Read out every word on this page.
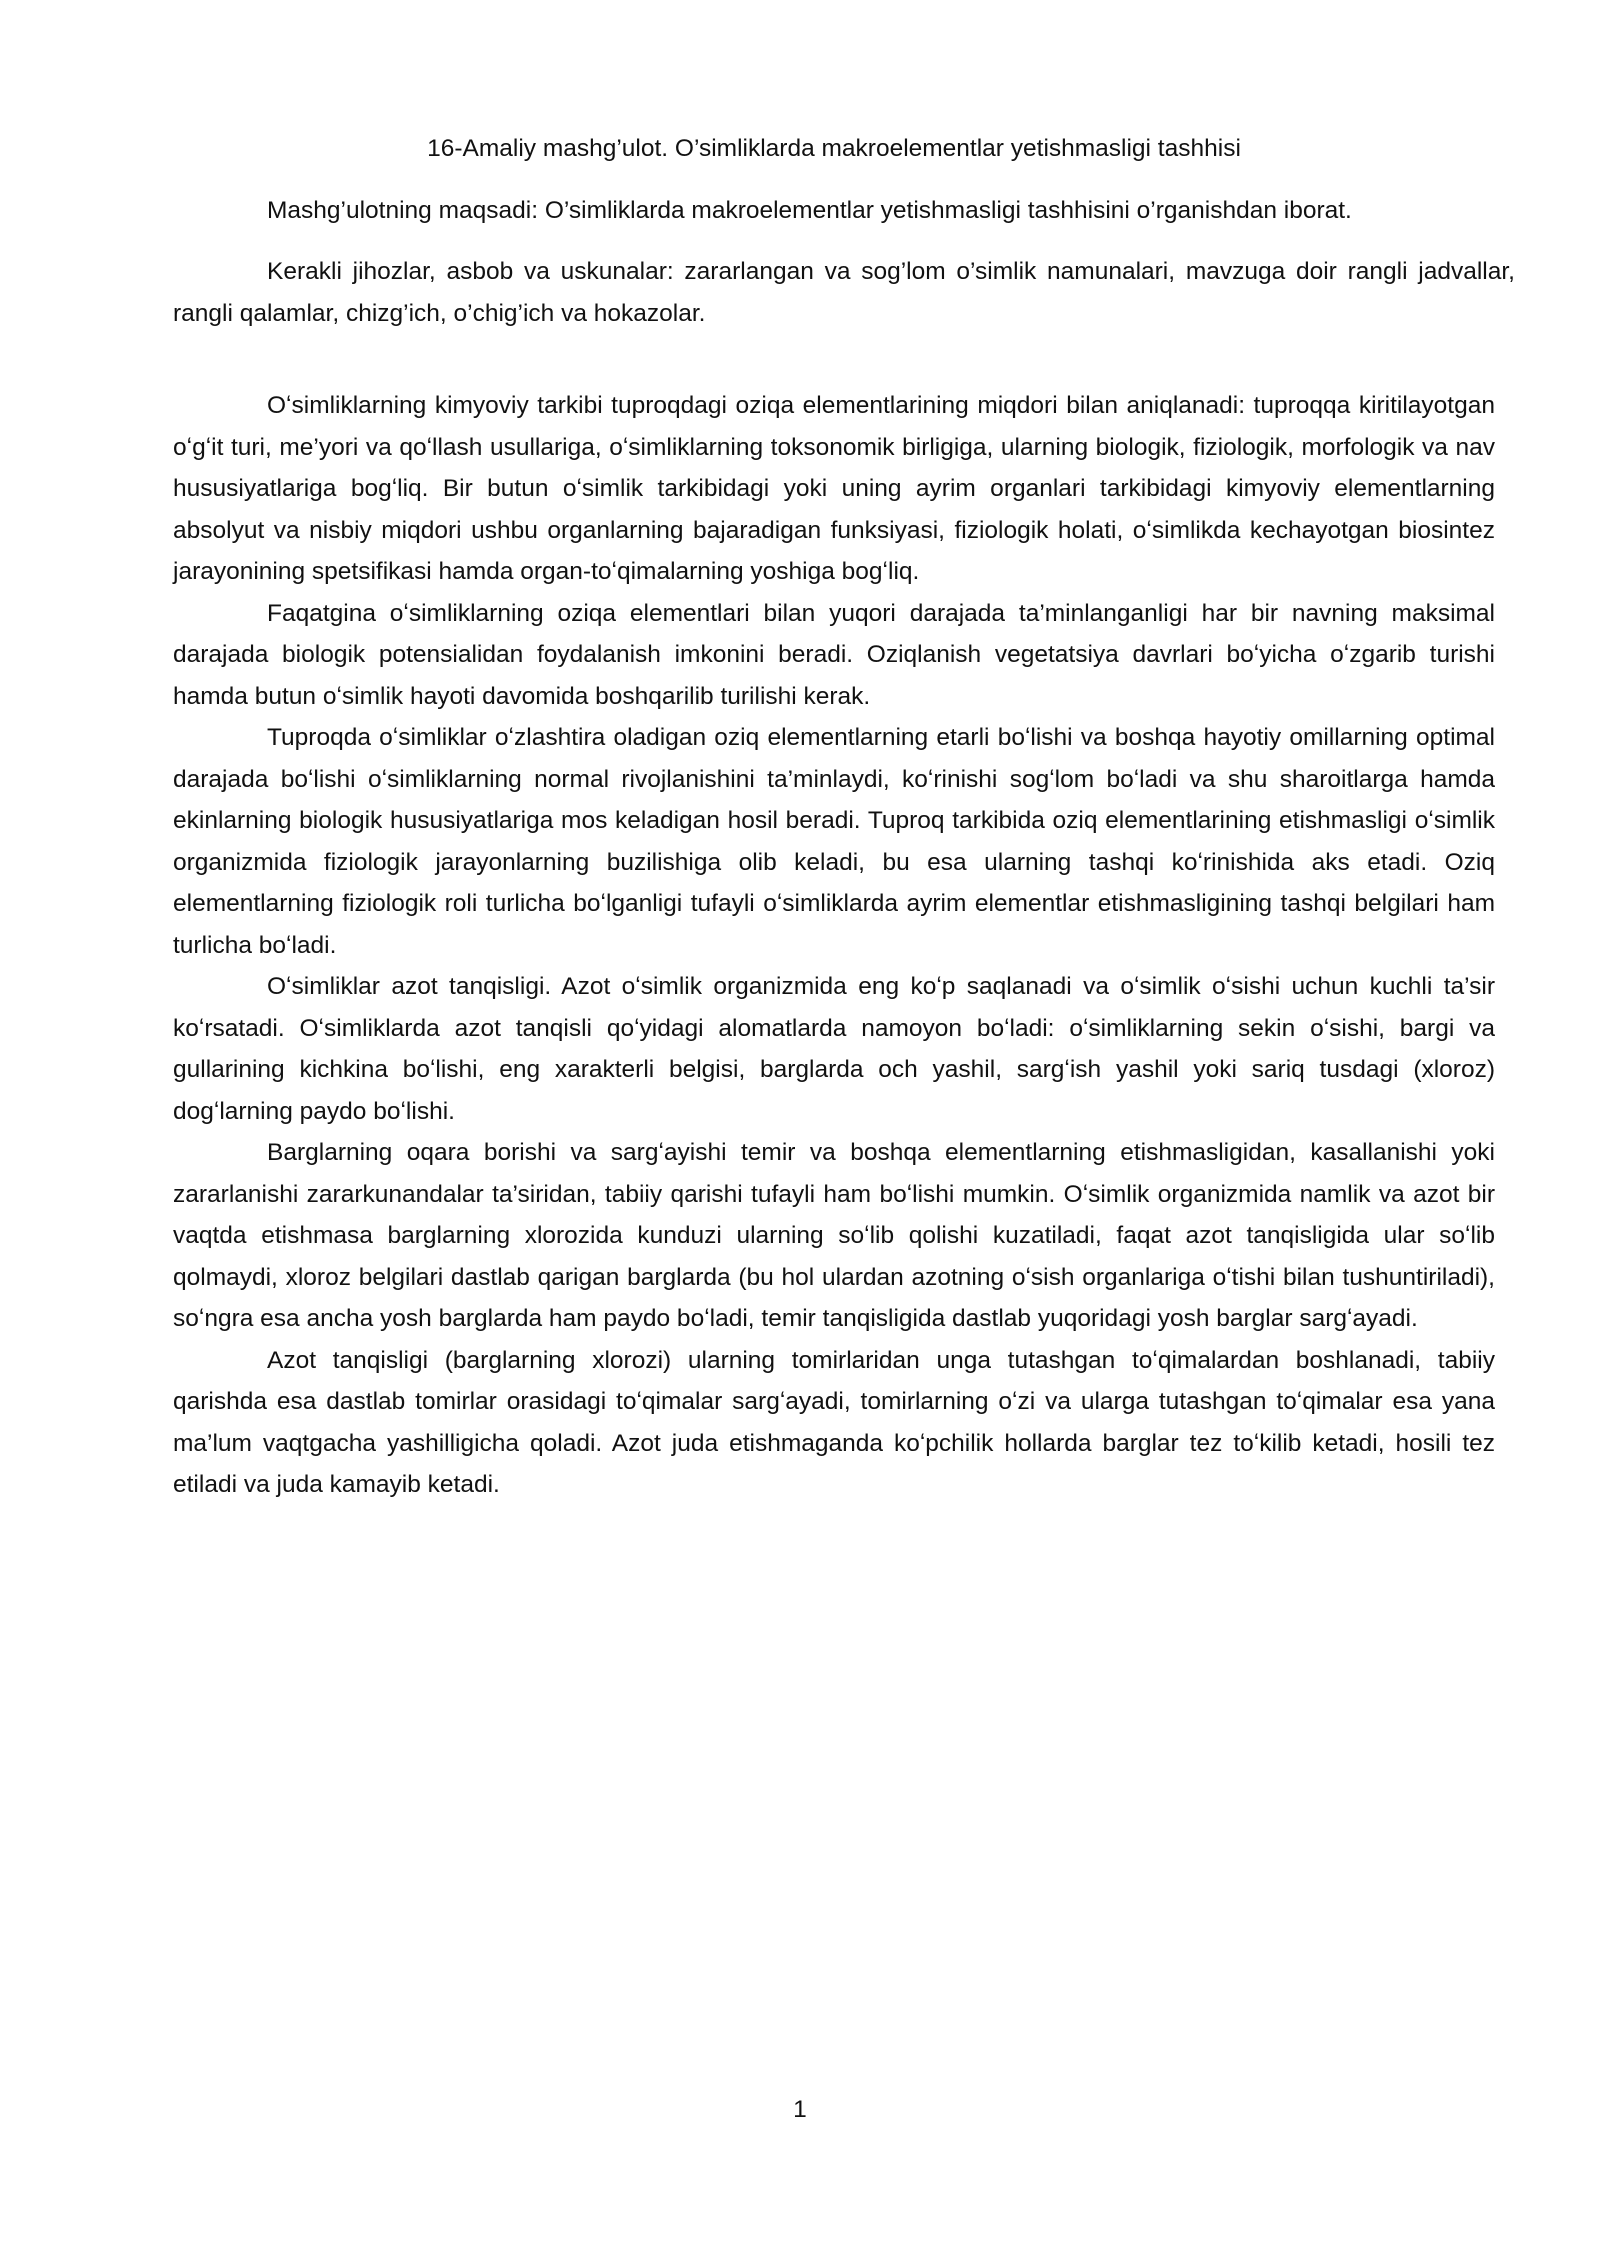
16-Amaliy mashg’ulot. O’simliklarda makroelementlar yetishmasligi tashhisi
Mashg’ulotning maqsadi: O’simliklarda makroelementlar yetishmasligi tashhisini o’rganishdan iborat.
Kerakli jihozlar, asbob va uskunalar: zararlangan va sog’lom o’simlik namunalari, mavzuga doir rangli jadvallar, rangli qalamlar, chizg’ich, o’chig’ich va hokazolar.

Oʻsimliklarning kimyoviy tarkibi tuproqdagi oziqa elementlarining miqdori bilan aniqlanadi: tuproqqa kiritilayotgan oʻgʻit turi, me’yori va qoʻllash usullariga, oʻsimliklarning toksonomik birligiga, ularning biologik, fiziologik, morfologik va nav hususiyatlariga bogʻliq. Bir butun oʻsimlik tarkibidagi yoki uning ayrim organlari tarkibidagi kimyoviy elementlarning absolyut va nisbiy miqdori ushbu organlarning bajaradigan funksiyasi, fiziologik holati, oʻsimlikda kechayotgan biosintez jarayonining spetsifikasi hamda organ-toʻqimalarning yoshiga bogʻliq.

Faqatgina oʻsimliklarning oziqa elementlari bilan yuqori darajada ta’minlanganligi har bir navning maksimal darajada biologik potensialidan foydalanish imkonini beradi. Oziqlanish vegetatsiya davrlari boʻyicha oʻzgarib turishi hamda butun oʻsimlik hayoti davomida boshqarilib turilishi kerak.

Tuproqda oʻsimliklar oʻzlashtira oladigan oziq elementlarning etarli boʻlishi va boshqa hayotiy omillarning optimal darajada boʻlishi oʻsimliklarning normal rivojlanishini ta’minlaydi, koʻrinishi sogʻlom boʻladi va shu sharoitlarga hamda ekinlarning biologik hususiyatlariga mos keladigan hosil beradi. Tuproq tarkibida oziq elementlarining etishmasligi oʻsimlik organizmida fiziologik jarayonlarning buzilishiga olib keladi, bu esa ularning tashqi koʻrinishida aks etadi. Oziq elementlarning fiziologik roli turlicha boʻlganligi tufayli oʻsimliklarda ayrim elementlar etishmasligining tashqi belgilari ham turlicha boʻladi.

Oʻsimliklar azot tanqisligi. Azot oʻsimlik organizmida eng koʻp saqlanadi va oʻsimlik oʻsishi uchun kuchli ta’sir koʻrsatadi. Oʻsimliklarda azot tanqisli qoʻyidagi alomatlarda namoyon boʻladi: oʻsimliklarning sekin oʻsishi, bargi va gullarining kichkina boʻlishi, eng xarakterli belgisi, barglarda och yashil, sargʻish yashil yoki sariq tusdagi (xloroz) dogʻlarning paydo boʻlishi.

Barglarning oqara borishi va sargʻayishi temir va boshqa elementlarning etishmasligidan, kasallanishi yoki zararlanishi zararkunandalar ta’siridan, tabiiy qarishi tufayli ham boʻlishi mumkin. Oʻsimlik organizmida namlik va azot bir vaqtda etishmasa barglarning xlorozida kunduzi ularning soʻlib qolishi kuzatiladi, faqat azot tanqisligida ular soʻlib qolmaydi, xloroz belgilari dastlab qarigan barglarda (bu hol ulardan azotning oʻsish organlariga oʻtishi bilan tushuntiriladi), soʻngra esa ancha yosh barglarda ham paydo boʻladi, temir tanqisligida dastlab yuqoridagi yosh barglar sargʻayadi.

Azot tanqisligi (barglarning xlorozi) ularning tomirlaridan unga tutashgan toʻqimalardan boshlanadi, tabiiy qarishda esa dastlab tomirlar orasidagi toʻqimalar sargʻayadi, tomirlarning oʻzi va ularga tutashgan toʻqimalar esa yana ma’lum vaqtgacha yashilligicha qoladi. Azot juda etishmaganda koʻpchilik hollarda barglar tez toʻkilib ketadi, hosili tez etiladi va juda kamayib ketadi.

1
